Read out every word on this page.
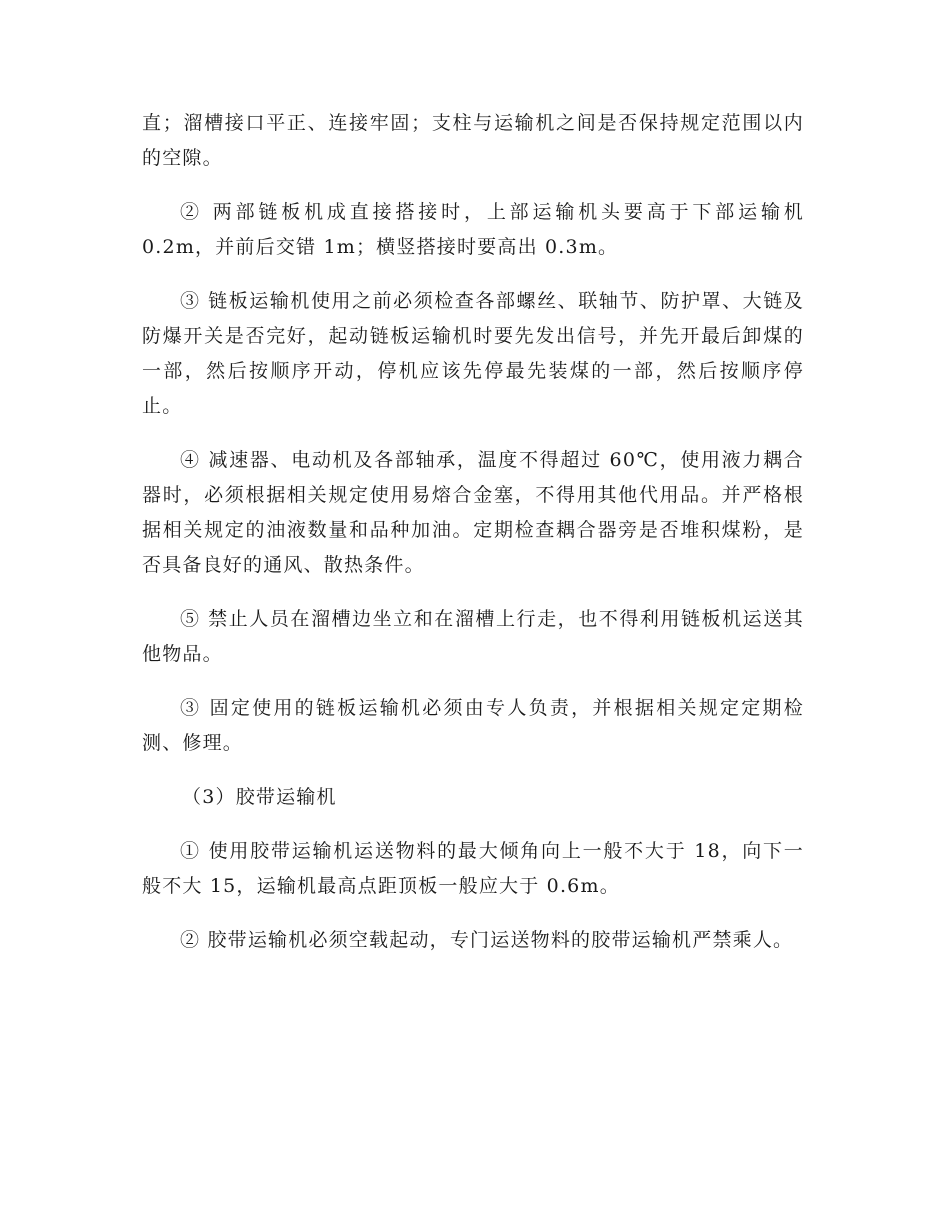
直；溜槽接口平正、连接牢固；支柱与运输机之间是否保持规定范围以内的空隙。

② 两部链板机成直接搭接时，上部运输机头要高于下部运输机 0.2m，并前后交错 1m；横竖搭接时要高出 0.3m。

③ 链板运输机使用之前必须检查各部螺丝、联轴节、防护罩、大链及防爆开关是否完好，起动链板运输机时要先发出信号，并先开最后卸煤的一部，然后按顺序开动，停机应该先停最先装煤的一部，然后按顺序停止。

④ 减速器、电动机及各部轴承，温度不得超过 60℃，使用液力耦合器时，必须根据相关规定使用易熔合金塞，不得用其他代用品。并严格根据相关规定的油液数量和品种加油。定期检查耦合器旁是否堆积煤粉，是否具备良好的通风、散热条件。

⑤ 禁止人员在溜槽边坐立和在溜槽上行走，也不得利用链板机运送其他物品。

③ 固定使用的链板运输机必须由专人负责，并根据相关规定定期检测、修理。

（3）胶带运输机

① 使用胶带运输机运送物料的最大倾角向上一般不大于 18，向下一般不大 15，运输机最高点距顶板一般应大于 0.6m。

② 胶带运输机必须空载起动，专门运送物料的胶带运输机严禁乘人。
